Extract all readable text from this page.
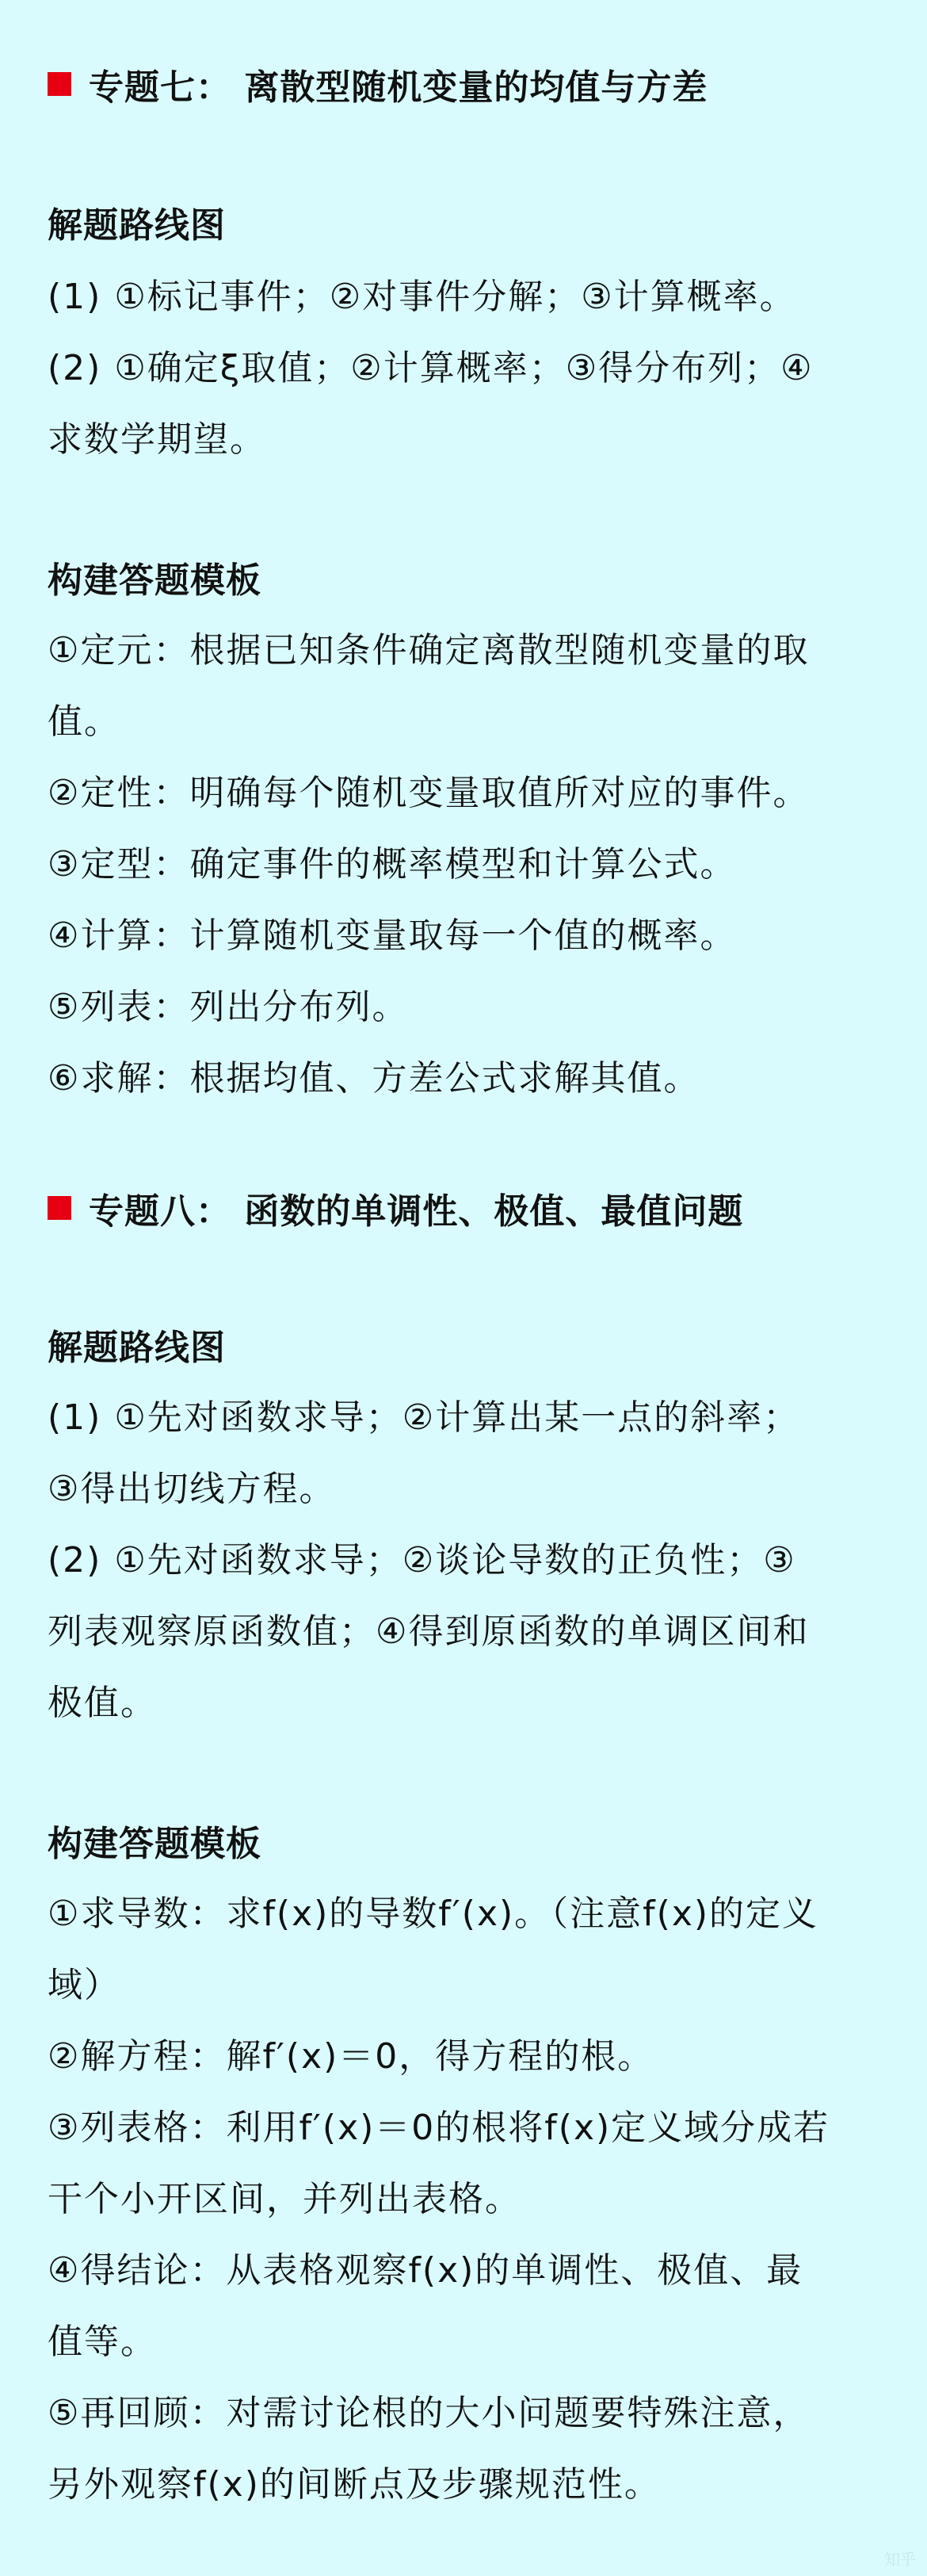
专题七： 离散型随机变量的均值与方差
解题路线图
(1) ①标记事件；②对事件分解；③计算概率。
(2) ①确定ξ取值；②计算概率；③得分布列；④
求数学期望。
构建答题模板
①定元：根据已知条件确定离散型随机变量的取
值。
②定性：明确每个随机变量取值所对应的事件。
③定型：确定事件的概率模型和计算公式。
④计算：计算随机变量取每一个值的概率。
⑤列表：列出分布列。
⑥求解：根据均值、方差公式求解其值。
专题八： 函数的单调性、极值、最值问题
解题路线图
(1) ①先对函数求导；②计算出某一点的斜率；
③得出切线方程。
(2) ①先对函数求导；②谈论导数的正负性；③
列表观察原函数值；④得到原函数的单调区间和
极值。
构建答题模板
①求导数：求f(x)的导数f′(x)。（注意f(x)的定义
域）
②解方程：解f′(x)＝0，得方程的根。
③列表格：利用f′(x)＝0的根将f(x)定义域分成若
干个小开区间，并列出表格。
④得结论：从表格观察f(x)的单调性、极值、最
值等。
⑤再回顾：对需讨论根的大小问题要特殊注意，
另外观察f(x)的间断点及步骤规范性。
知乎
